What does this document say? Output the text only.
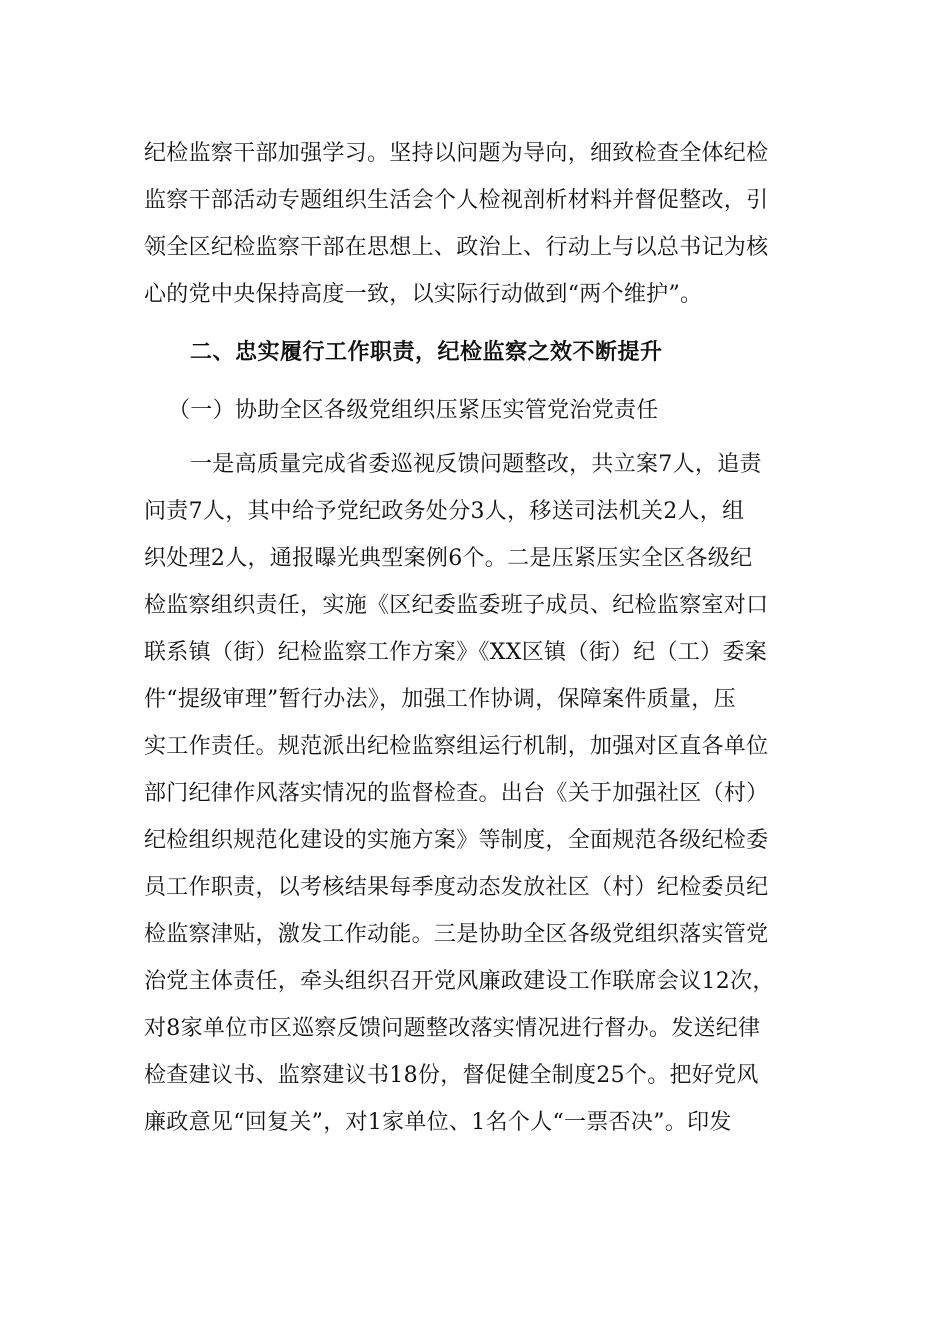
纪检监察干部加强学习。坚持以问题为导向，细致检查全体纪检
监察干部活动专题组织生活会个人检视剖析材料并督促整改，引
领全区纪检监察干部在思想上、政治上、行动上与以总书记为核
心的党中央保持高度一致，以实际行动做到“两个维护”。
二、忠实履行工作职责，纪检监察之效不断提升
（一）协助全区各级党组织压紧压实管党治党责任
一是高质量完成省委巡视反馈问题整改，共立案7人，追责
问责7人，其中给予党纪政务处分3人，移送司法机关2人，组
织处理2人，通报曝光典型案例6个。二是压紧压实全区各级纪
检监察组织责任，实施《区纪委监委班子成员、纪检监察室对口
联系镇（街）纪检监察工作方案》《XX区镇（街）纪（工）委案
件“提级审理”暂行办法》，加强工作协调，保障案件质量，压
实工作责任。规范派出纪检监察组运行机制，加强对区直各单位
部门纪律作风落实情况的监督检查。出台《关于加强社区（村）
纪检组织规范化建设的实施方案》等制度，全面规范各级纪检委
员工作职责，以考核结果每季度动态发放社区（村）纪检委员纪
检监察津贴，激发工作动能。三是协助全区各级党组织落实管党
治党主体责任，牵头组织召开党风廉政建设工作联席会议12次，
对8家单位市区巡察反馈问题整改落实情况进行督办。发送纪律
检查建议书、监察建议书18份，督促健全制度25个。把好党风
廉政意见“回复关”，对1家单位、1名个人“一票否决”。印发
